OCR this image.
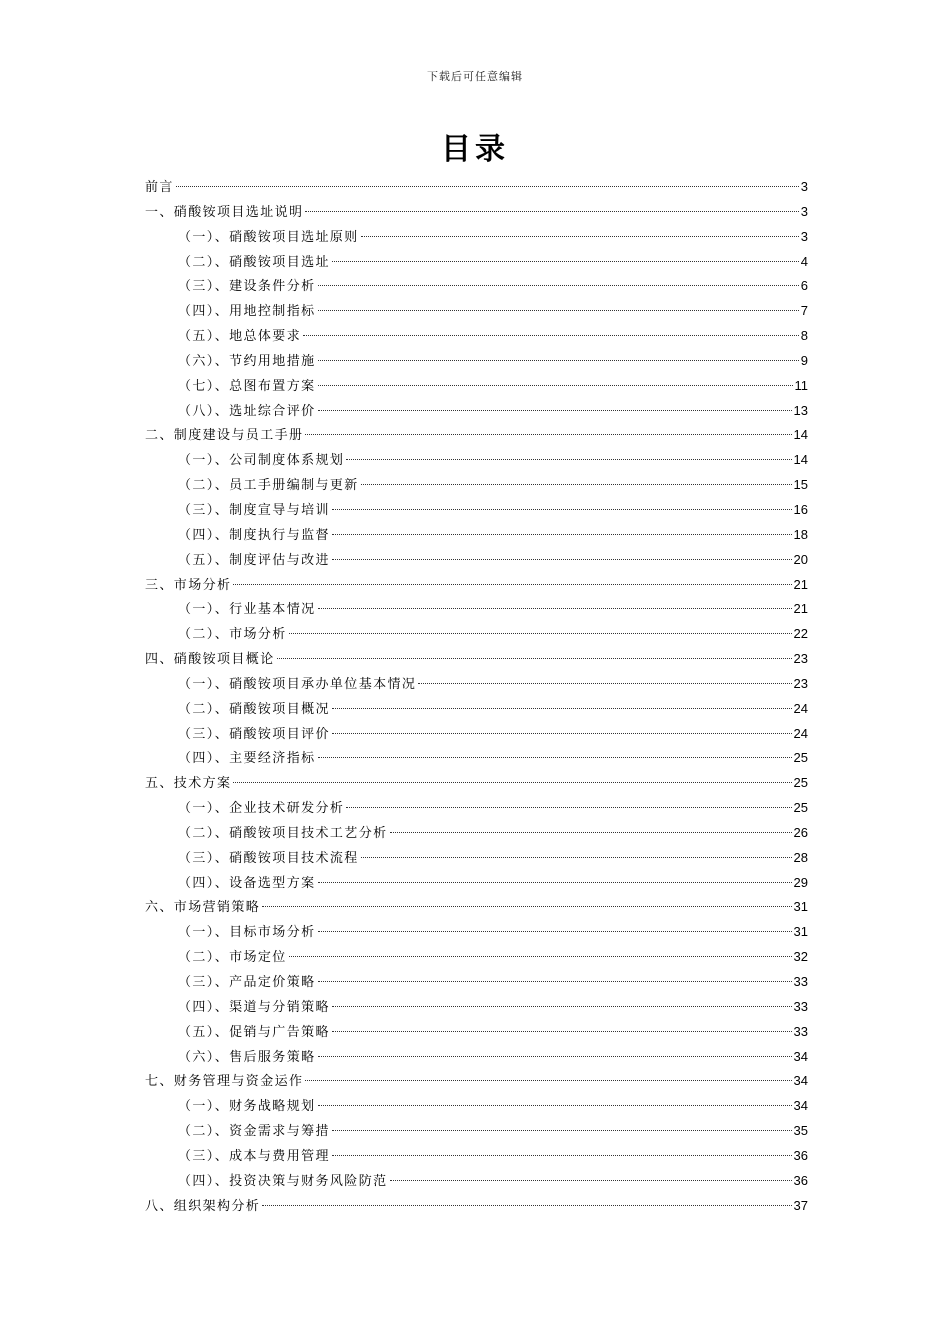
下载后可任意编辑
目录
前言	3
一、硝酸铵项目选址说明	3
（一）、硝酸铵项目选址原则	3
（二）、硝酸铵项目选址	4
（三）、建设条件分析	6
（四）、用地控制指标	7
（五）、地总体要求	8
（六）、节约用地措施	9
（七）、总图布置方案	11
（八）、选址综合评价	13
二、制度建设与员工手册	14
（一）、公司制度体系规划	14
（二）、员工手册编制与更新	15
（三）、制度宣导与培训	16
（四）、制度执行与监督	18
（五）、制度评估与改进	20
三、市场分析	21
（一）、行业基本情况	21
（二）、市场分析	22
四、硝酸铵项目概论	23
（一）、硝酸铵项目承办单位基本情况	23
（二）、硝酸铵项目概况	24
（三）、硝酸铵项目评价	24
（四）、主要经济指标	25
五、技术方案	25
（一）、企业技术研发分析	25
（二）、硝酸铵项目技术工艺分析	26
（三）、硝酸铵项目技术流程	28
（四）、设备选型方案	29
六、市场营销策略	31
（一）、目标市场分析	31
（二）、市场定位	32
（三）、产品定价策略	33
（四）、渠道与分销策略	33
（五）、促销与广告策略	33
（六）、售后服务策略	34
七、财务管理与资金运作	34
（一）、财务战略规划	34
（二）、资金需求与筹措	35
（三）、成本与费用管理	36
（四）、投资决策与财务风险防范	36
八、组织架构分析	37
